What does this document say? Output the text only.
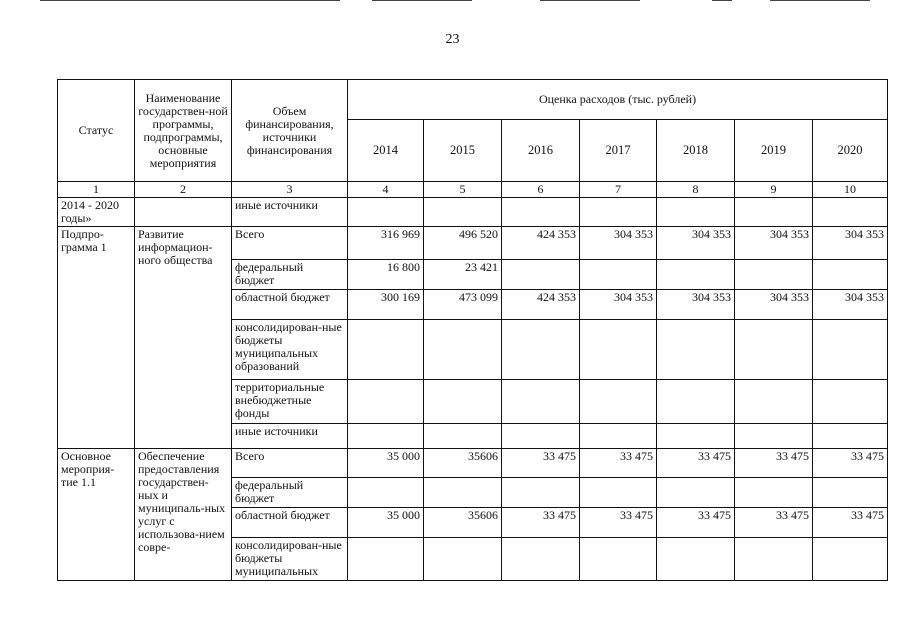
23
Статус	Наименование государствен-ной программы, подпрограммы, основные мероприятия	Объем финансирования, источники финансирования	Оценка расходов (тыс. рублей)						
			2014	2015	2016	2017	2018	2019	2020
1	2	3	4	5	6	7	8	9	10
2014 - 2020 годы»		иные источники							
Подпро-грамма 1	Развитие информацион-ного общества	Всего	316 969	496 520	424 353	304 353	304 353	304 353	304 353
		федеральный бюджет	16 800	23 421					
		областной бюджет	300 169	473 099	424 353	304 353	304 353	304 353	304 353
		консолидирован-ные бюджеты муниципальных образований							
		территориальные внебюджетные фонды							
		иные источники							
Основное мероприя-тие 1.1	Обеспечение предоставления государствен-ных и муниципаль-ных услуг с использова-нием совре-	Всего	35 000	35606	33 475	33 475	33 475	33 475	33 475
		федеральный бюджет							
		областной бюджет	35 000	35606	33 475	33 475	33 475	33 475	33 475
		консолидирован-ные бюджеты муниципальных							
